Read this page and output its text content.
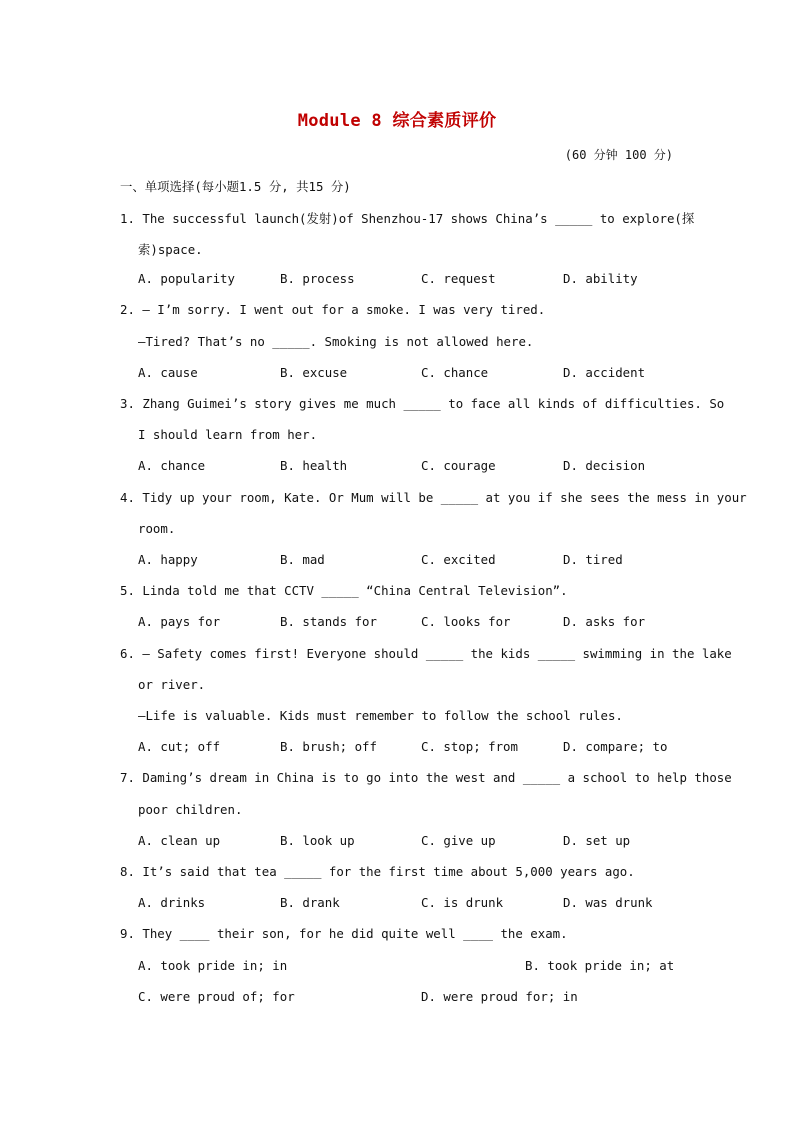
Module 8 综合素质评价
(60 分钟 100 分)
一、单项选择(每小题1.5 分, 共15 分)
1. The successful launch(发射)of Shenzhou-17 shows China’s _____ to explore(探
索)space.
A. popularity	B. process	C. request	D. ability
2. — I’m sorry. I went out for a smoke. I was very tired.
—Tired? That’s no _____. Smoking is not allowed here.
A. cause	B. excuse	C. chance	D. accident
3. Zhang Guimei’s story gives me much _____ to face all kinds of difficulties. So
I should learn from her.
A. chance	B. health	C. courage	D. decision
4. Tidy up your room, Kate. Or Mum will be _____ at you if she sees the mess in your
room.
A. happy	B. mad	C. excited	D. tired
5. Linda told me that CCTV _____ “China Central Television”.
A. pays for	B. stands for	C. looks for	D. asks for
6. — Safety comes first! Everyone should _____ the kids _____ swimming in the lake
or river.
—Life is valuable. Kids must remember to follow the school rules.
A. cut; off	B. brush; off	C. stop; from	D. compare; to
7. Daming’s dream in China is to go into the west and _____ a school to help those
poor children.
A. clean up	B. look up	C. give up	D. set up
8. It’s said that tea _____ for the first time about 5,000 years ago.
A. drinks	B. drank	C. is drunk	D. was drunk
9. They ____ their son, for he did quite well ____ the exam.
A. took pride in; in	B. took pride in; at
C. were proud of; for	D. were proud for; in
